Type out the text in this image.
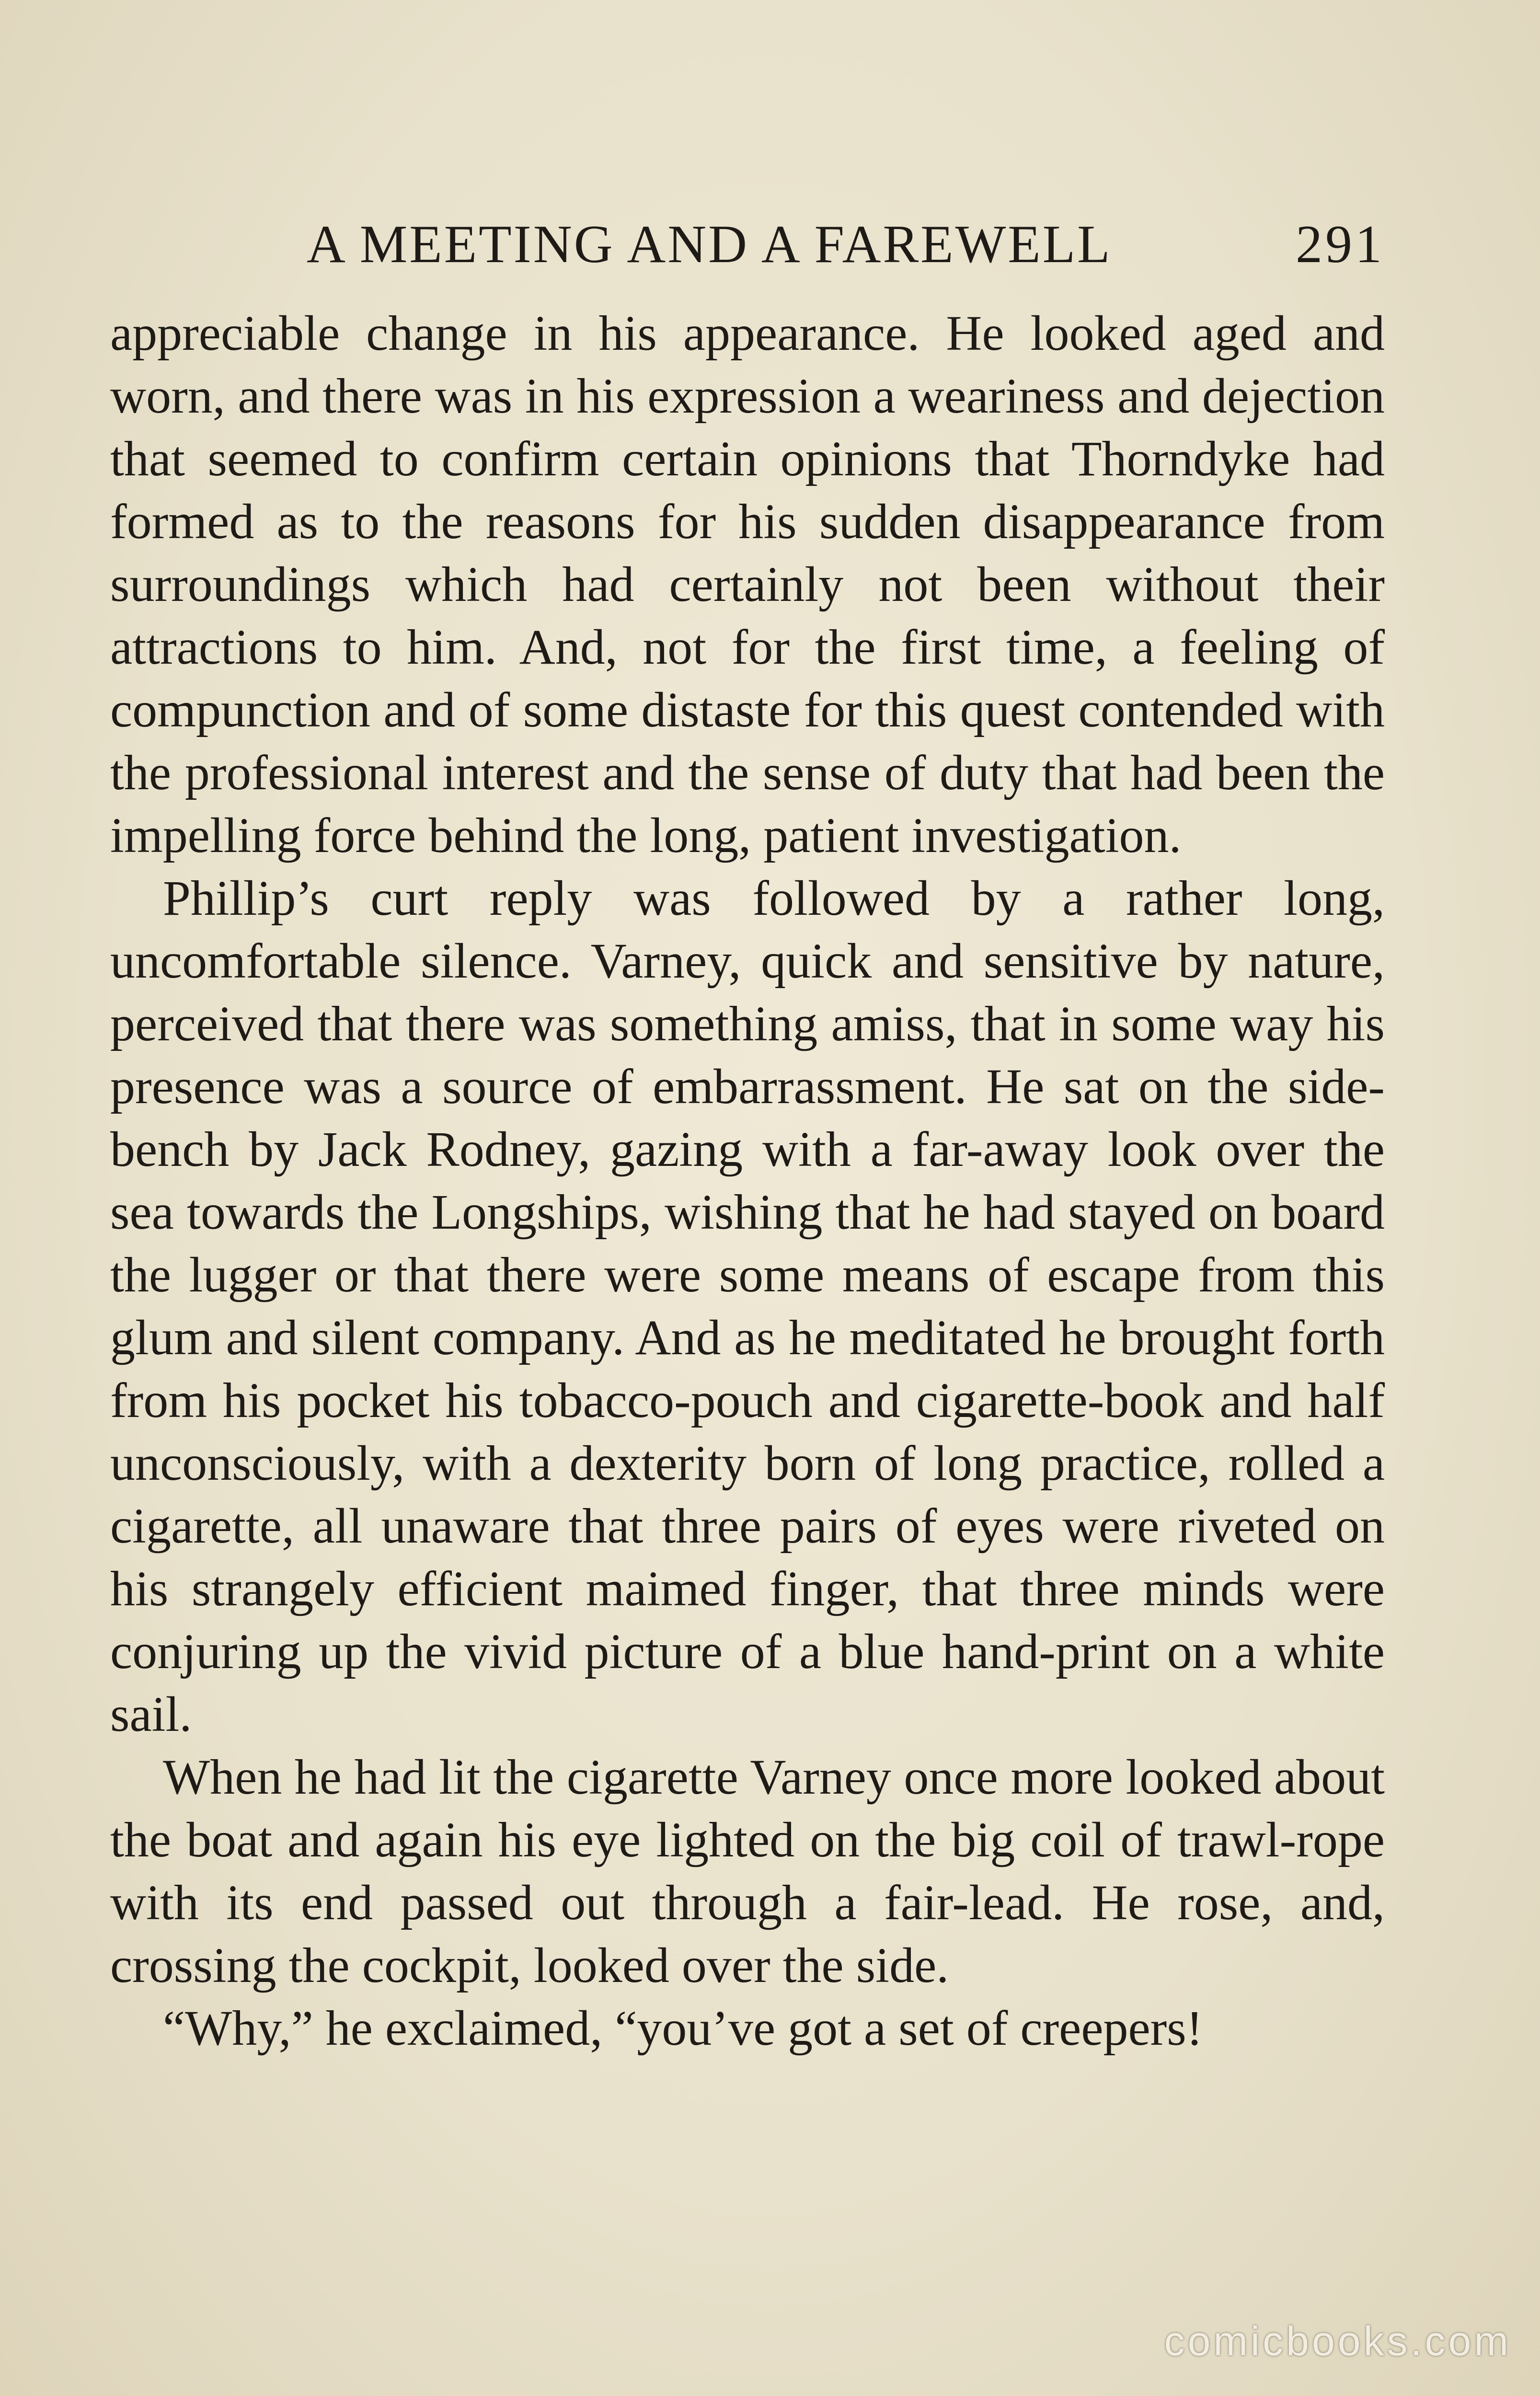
A MEETING AND A FAREWELL	291

appreciable change in his appearance. He looked aged and worn, and there was in his expression a weariness and dejection that seemed to confirm certain opinions that Thorndyke had formed as to the reasons for his sudden disappearance from surroundings which had certainly not been without their attractions to him. And, not for the first time, a feeling of compunction and of some distaste for this quest contended with the professional interest and the sense of duty that had been the impelling force behind the long, patient investigation.

Phillip’s curt reply was followed by a rather long, uncomfortable silence. Varney, quick and sensitive by nature, perceived that there was something amiss, that in some way his presence was a source of embarrassment. He sat on the side-bench by Jack Rodney, gazing with a far-away look over the sea towards the Longships, wishing that he had stayed on board the lugger or that there were some means of escape from this glum and silent company. And as he meditated he brought forth from his pocket his tobacco-pouch and cigarette-book and half unconsciously, with a dexterity born of long practice, rolled a cigarette, all unaware that three pairs of eyes were riveted on his strangely efficient maimed finger, that three minds were conjuring up the vivid picture of a blue hand-print on a white sail.

When he had lit the cigarette Varney once more looked about the boat and again his eye lighted on the big coil of trawl-rope with its end passed out through a fair-lead. He rose, and, crossing the cockpit, looked over the side.

“Why,” he exclaimed, “you’ve got a set of creepers!

comicbooks.com
